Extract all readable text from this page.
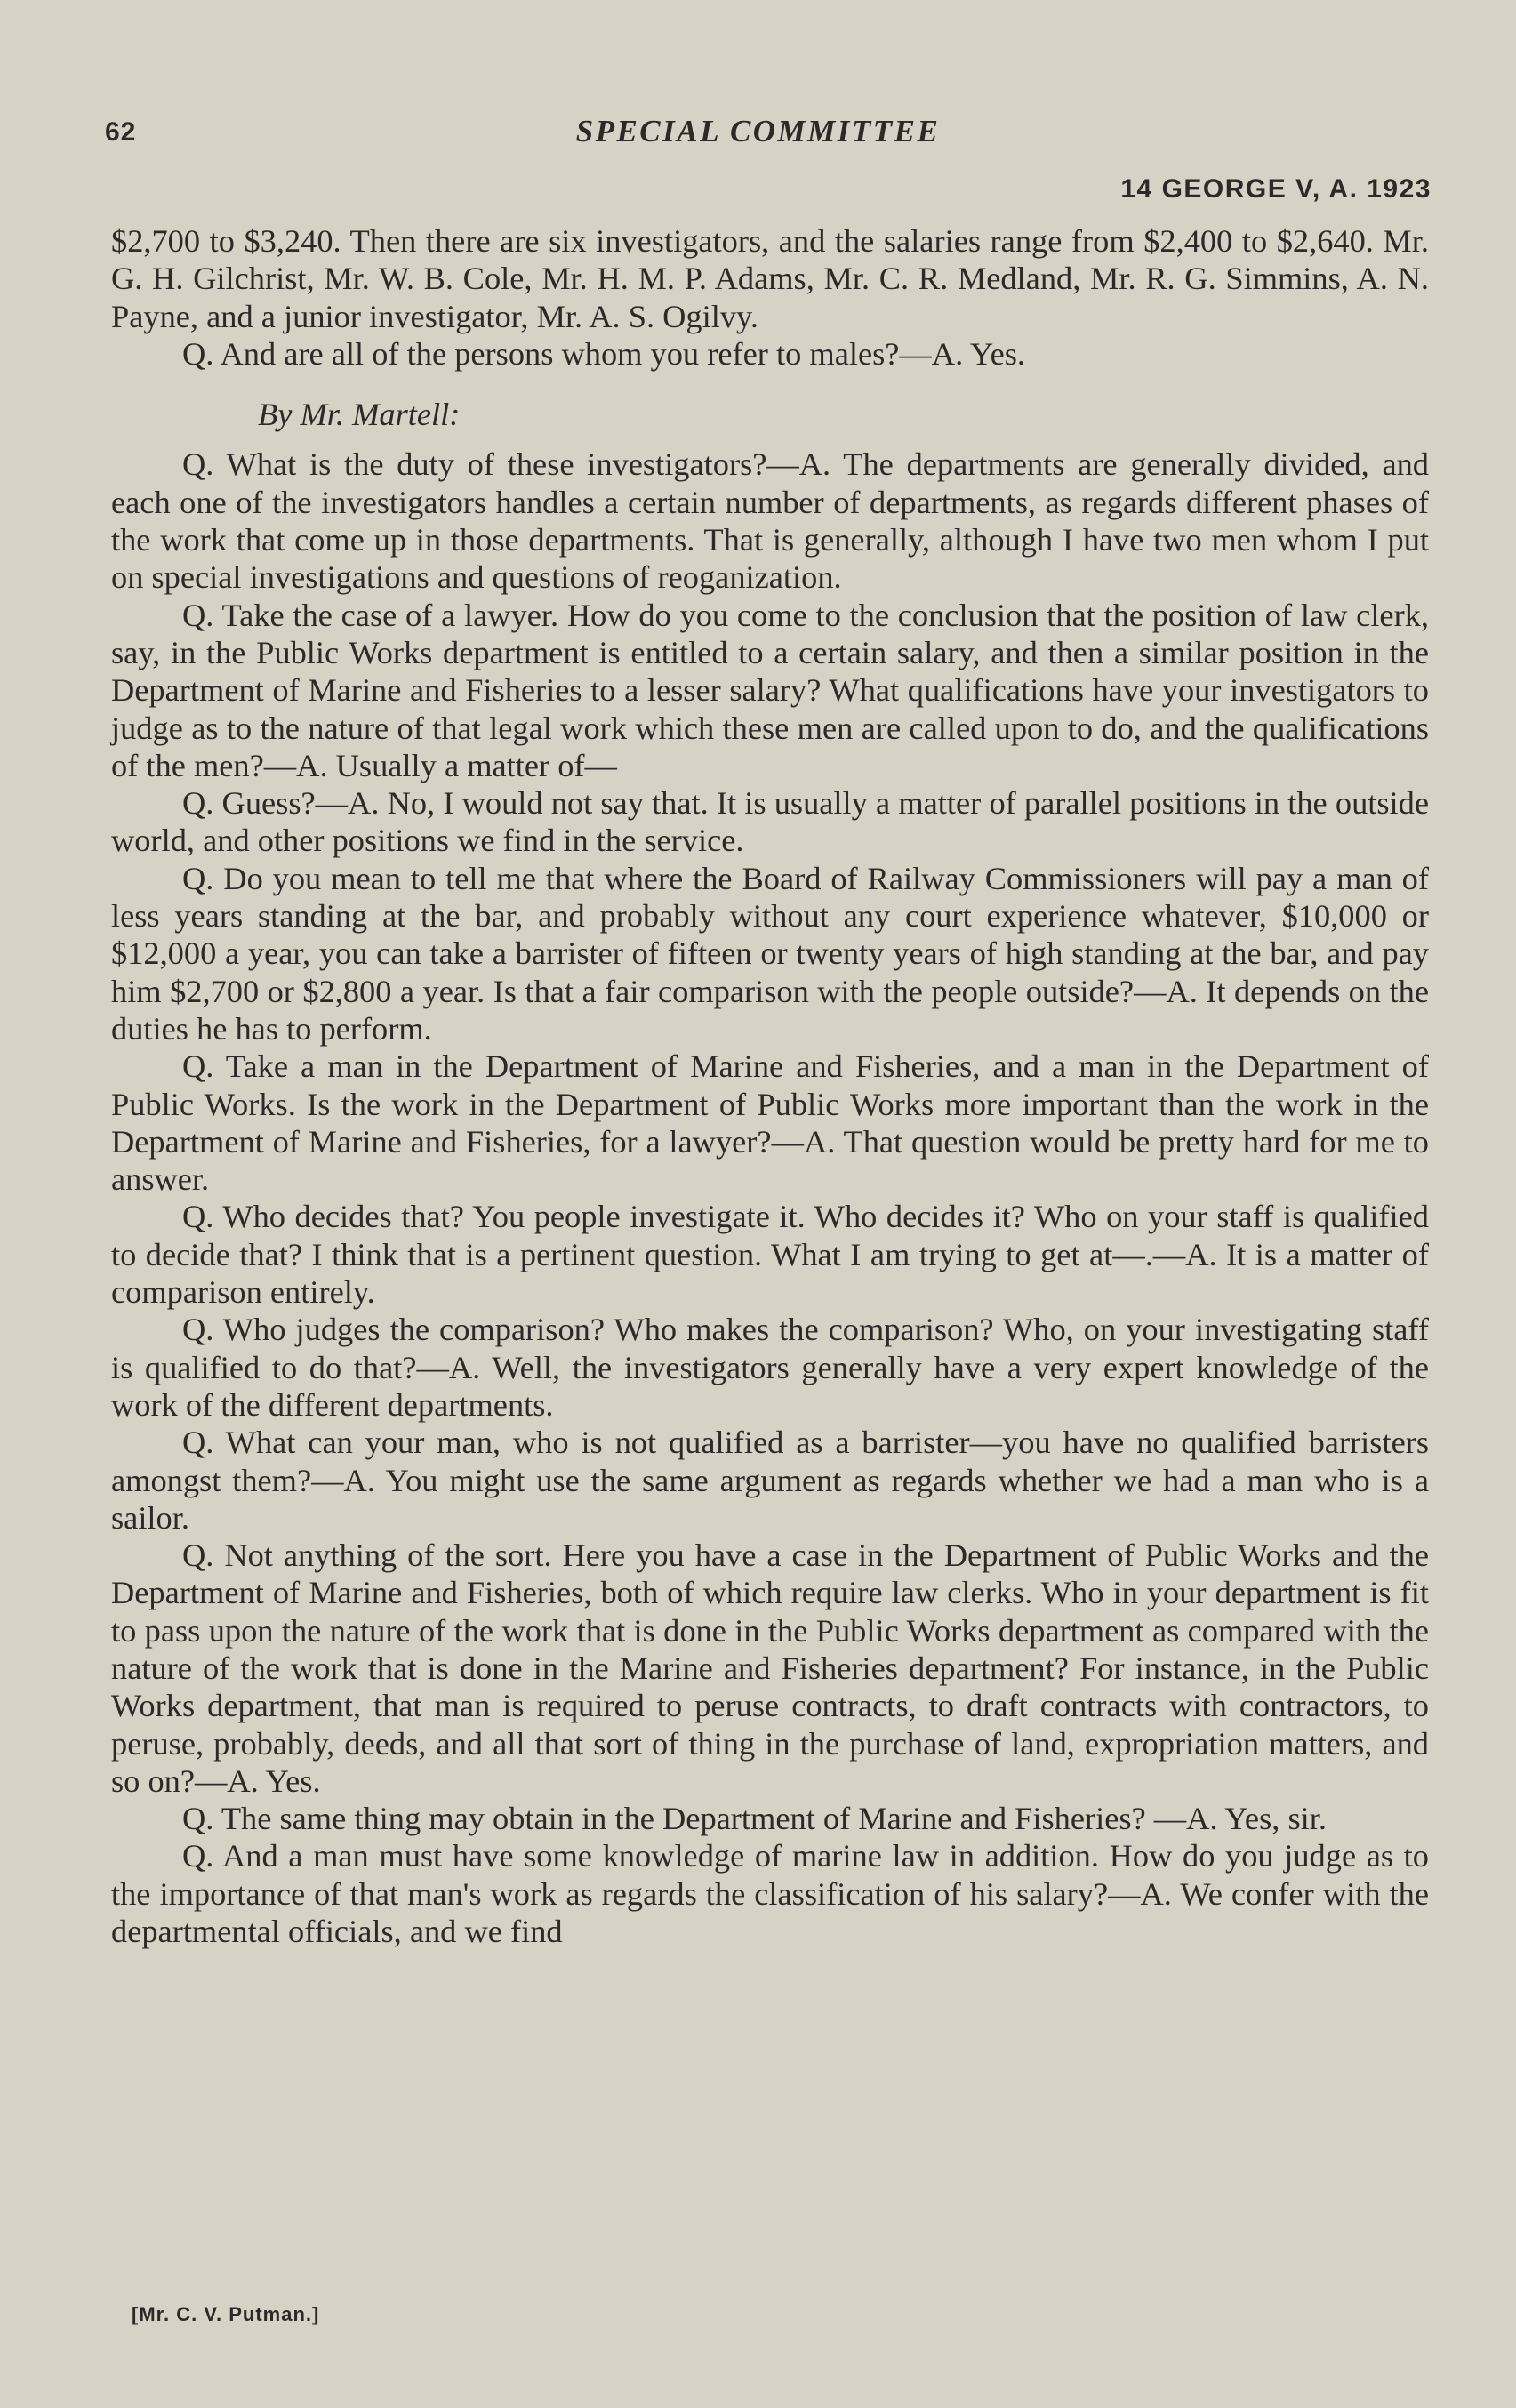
62	SPECIAL COMMITTEE
14 GEORGE V, A. 1923

$2,700 to $3,240. Then there are six investigators, and the salaries range from $2,400 to $2,640. Mr. G. H. Gilchrist, Mr. W. B. Cole, Mr. H. M. P. Adams, Mr. C. R. Medland, Mr. R. G. Simmins, A. N. Payne, and a junior investigator, Mr. A. S. Ogilvy.

Q. And are all of the persons whom you refer to males?—A. Yes.

By Mr. Martell:

Q. What is the duty of these investigators?—A. The departments are generally divided, and each one of the investigators handles a certain number of departments, as regards different phases of the work that come up in those departments. That is generally, although I have two men whom I put on special investigations and questions of reoganization.

Q. Take the case of a lawyer. How do you come to the conclusion that the position of law clerk, say, in the Public Works department is entitled to a certain salary, and then a similar position in the Department of Marine and Fisheries to a lesser salary? What qualifications have your investigators to judge as to the nature of that legal work which these men are called upon to do, and the qualifications of the men?—A. Usually a matter of—

Q. Guess?—A. No, I would not say that. It is usually a matter of parallel positions in the outside world, and other positions we find in the service.

Q. Do you mean to tell me that where the Board of Railway Commissioners will pay a man of less years standing at the bar, and probably without any court experience whatever, $10,000 or $12,000 a year, you can take a barrister of fifteen or twenty years of high standing at the bar, and pay him $2,700 or $2,800 a year. Is that a fair comparison with the people outside?—A. It depends on the duties he has to perform.

Q. Take a man in the Department of Marine and Fisheries, and a man in the Department of Public Works. Is the work in the Department of Public Works more important than the work in the Department of Marine and Fisheries, for a lawyer?—A. That question would be pretty hard for me to answer.

Q. Who decides that? You people investigate it. Who decides it? Who on your staff is qualified to decide that? I think that is a pertinent question. What I am trying to get at—.—A. It is a matter of comparison entirely.

Q. Who judges the comparison? Who makes the comparison? Who, on your investigating staff is qualified to do that?—A. Well, the investigators generally have a very expert knowledge of the work of the different departments.

Q. What can your man, who is not qualified as a barrister—you have no qualified barristers amongst them?—A. You might use the same argument as regards whether we had a man who is a sailor.

Q. Not anything of the sort. Here you have a case in the Department of Public Works and the Department of Marine and Fisheries, both of which require law clerks. Who in your department is fit to pass upon the nature of the work that is done in the Public Works department as compared with the nature of the work that is done in the Marine and Fisheries department? For instance, in the Public Works department, that man is required to peruse contracts, to draft contracts with contractors, to peruse, probably, deeds, and all that sort of thing in the purchase of land, expropriation matters, and so on?—A. Yes.

Q. The same thing may obtain in the Department of Marine and Fisheries? —A. Yes, sir.

Q. And a man must have some knowledge of marine law in addition. How do you judge as to the importance of that man's work as regards the classification of his salary?—A. We confer with the departmental officials, and we find

[Mr. C. V. Putman.]
